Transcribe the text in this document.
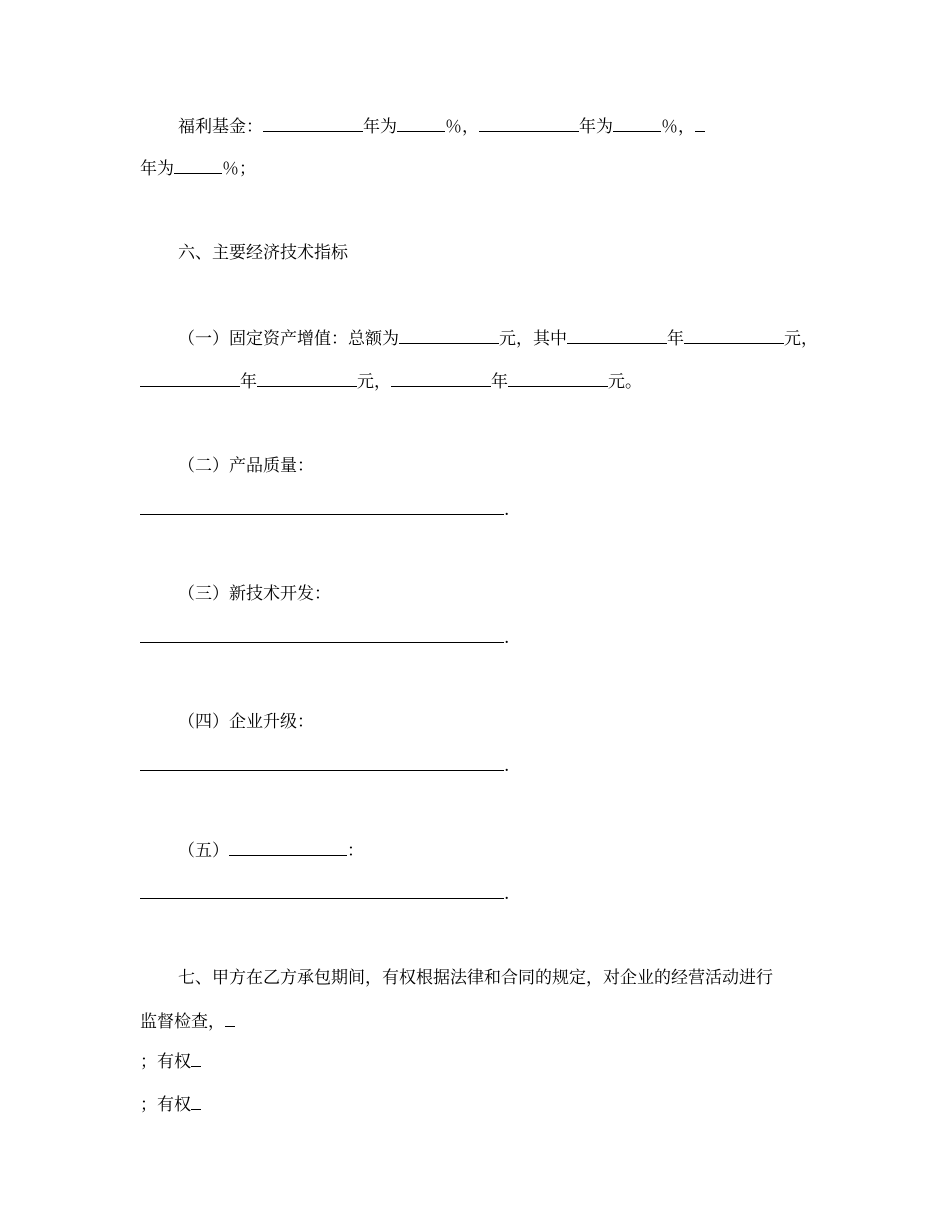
福利基金：	年为	％，	年为	％，
年为	％；
六、主要经济技术指标
（一）固定资产增值：总额为	元，其中	年	元，
年	元，	年	元。
（二）产品质量：
.
（三）新技术开发：
.
（四）企业升级：
.
（五）	：
.
七、甲方在乙方承包期间，有权根据法律和合同的规定，对企业的经营活动进行
监督检查，
；有权
；有权
